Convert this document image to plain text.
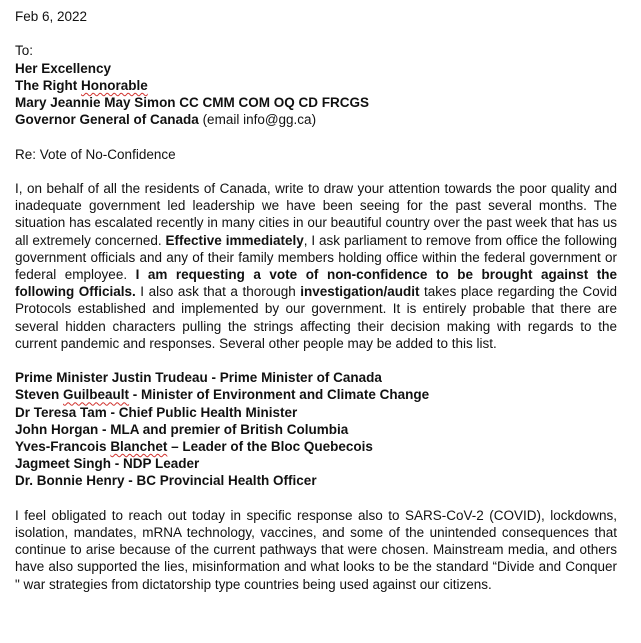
Feb 6, 2022

To:

Her Excellency

The Right Honorable

Mary Jeannie May Simon CC CMM COM OQ CD FRCGS

Governor General of Canada (email info@gg.ca)

Re: Vote of No-Confidence

I, on behalf of all the residents of Canada, write to draw your attention towards the poor quality and inadequate government led leadership we have been seeing for the past several months. The situation has escalated recently in many cities in our beautiful country over the past week that has us all extremely concerned. Effective immediately, I ask parliament to remove from office the following government officials and any of their family members holding office within the federal government or federal employee. I am requesting a vote of non-confidence to be brought against the following Officials. I also ask that a thorough investigation/audit takes place regarding the Covid Protocols established and implemented by our government. It is entirely probable that there are several hidden characters pulling the strings affecting their decision making with regards to the current pandemic and responses. Several other people may be added to this list.

Prime Minister Justin Trudeau - Prime Minister of Canada

Steven Guilbeault - Minister of Environment and Climate Change

Dr Teresa Tam - Chief Public Health Minister

John Horgan - MLA and premier of British Columbia

Yves-Francois Blanchet – Leader of the Bloc Quebecois

Jagmeet Singh - NDP Leader

Dr. Bonnie Henry - BC Provincial Health Officer

I feel obligated to reach out today in specific response also to SARS-CoV-2 (COVID), lockdowns, isolation, mandates, mRNA technology, vaccines, and some of the unintended consequences that continue to arise because of the current pathways that were chosen. Mainstream media, and others have also supported the lies, misinformation and what looks to be the standard “Divide and Conquer " war strategies from dictatorship type countries being used against our citizens.
